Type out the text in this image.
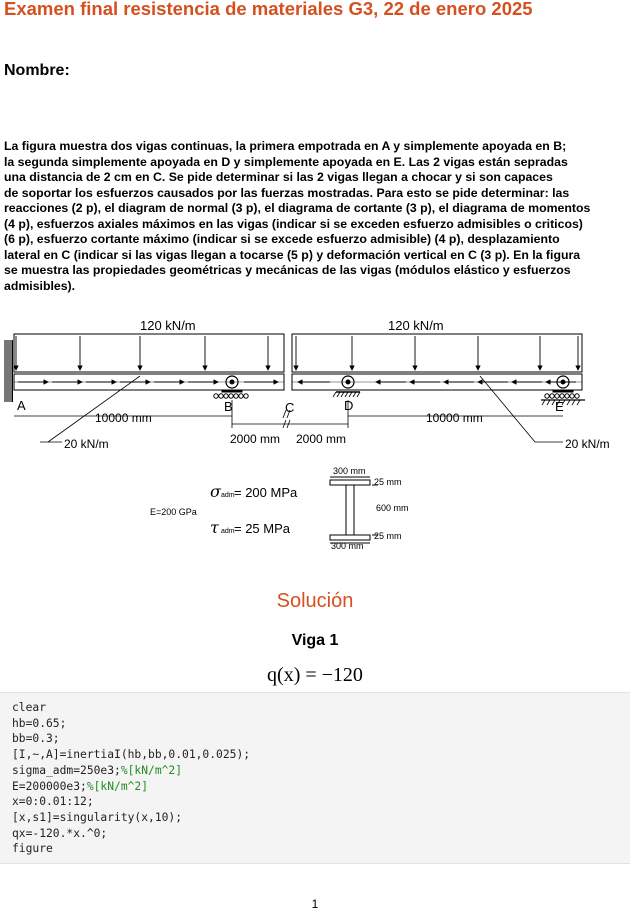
Examen final resistencia de materiales G3, 22 de enero 2025
Nombre:
La figura muestra dos vigas continuas, la primera empotrada en A y simplemente apoyada en B;
la segunda simplemente apoyada en D y simplemente apoyada en E. Las 2 vigas están sepradas
una distancia de 2 cm en C. Se pide determinar si las 2 vigas llegan a chocar y si son capaces
de soportar los esfuerzos causados por las fuerzas mostradas. Para esto se pide determinar: las
reacciones (2 p), el diagram de normal (3 p), el diagrama de cortante (3 p), el diagrama de momentos
(4 p), esfuerzos axiales máximos en las vigas (indicar si se exceden esfuerzo admisibles o criticos)
(6 p), esfuerzo cortante máximo (indicar si se excede esfuerzo admisible) (4 p), desplazamiento
lateral en C (indicar si las vigas llegan a tocarse (5 p) y deformación vertical en C (3 p). En la figura
se muestra las propiedades geométricas y mecánicas de las vigas (módulos elástico y esfuerzos
admisibles).
120 kN/m	120 kN/m
A	B	C	D	E
10000 mm	10000 mm
2000 mm 2000 mm
20 kN/m	20 kN/m
σ adm = 200 MPa
τ adm = 25 MPa
E=200 GPa
300 mm
25 mm
600 mm
25 mm
300 mm
Solución
Viga 1
q(x) = −120
clear
hb=0.65;
bb=0.3;
[I,~,A]=inertiaI(hb,bb,0.01,0.025);
sigma_adm=250e3;%[kN/m^2]
E=200000e3;%[kN/m^2]
x=0:0.01:12;
[x,s1]=singularity(x,10);
qx=-120.*x.^0;
figure
1
